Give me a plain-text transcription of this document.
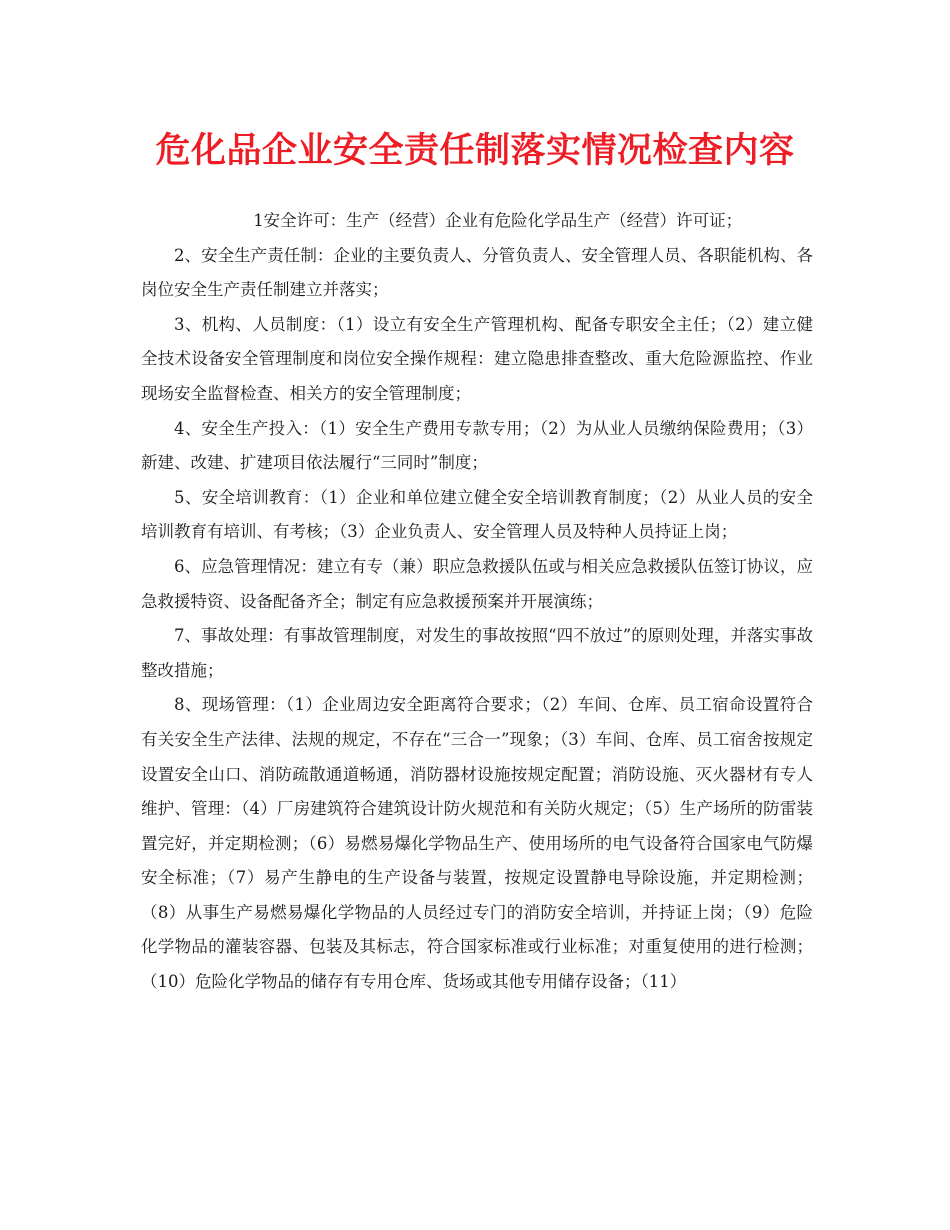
危化品企业安全责任制落实情况检查内容

1安全许可：生产（经营）企业有危险化学品生产（经营）许可证；

2、安全生产责任制：企业的主要负责人、分管负责人、安全管理人员、各职能机构、各岗位安全生产责任制建立并落实；

3、机构、人员制度：（1）设立有安全生产管理机构、配备专职安全主任；（2）建立健全技术设备安全管理制度和岗位安全操作规程：建立隐患排查整改、重大危险源监控、作业现场安全监督检查、相关方的安全管理制度；

4、安全生产投入：（1）安全生产费用专款专用；（2）为从业人员缴纳保险费用；（3）新建、改建、扩建项目依法履行“三同时”制度；

5、安全培训教育：（1）企业和单位建立健全安全培训教育制度；（2）从业人员的安全培训教育有培训、有考核；（3）企业负责人、安全管理人员及特种人员持证上岗；

6、应急管理情况：建立有专（兼）职应急救援队伍或与相关应急救援队伍签订协议，应急救援特资、设备配备齐全；制定有应急救援预案并开展演练；

7、事故处理：有事故管理制度，对发生的事故按照“四不放过”的原则处理，并落实事故整改措施；

8、现场管理：（1）企业周边安全距离符合要求；（2）车间、仓库、员工宿命设置符合有关安全生产法律、法规的规定，不存在“三合一”现象；（3）车间、仓库、员工宿舍按规定设置安全山口、消防疏散通道畅通，消防器材设施按规定配置；消防设施、灭火器材有专人维护、管理：（4）厂房建筑符合建筑设计防火规范和有关防火规定；（5）生产场所的防雷装置完好，并定期检测；（6）易燃易爆化学物品生产、使用场所的电气设备符合国家电气防爆安全标准；（7）易产生静电的生产设备与装置，按规定设置静电导除设施，并定期检测；（8）从事生产易燃易爆化学物品的人员经过专门的消防安全培训，并持证上岗；（9）危险化学物品的灌装容器、包装及其标志，符合国家标准或行业标准；对重复使用的进行检测；（10）危险化学物品的储存有专用仓库、货场或其他专用储存设备；（11）
